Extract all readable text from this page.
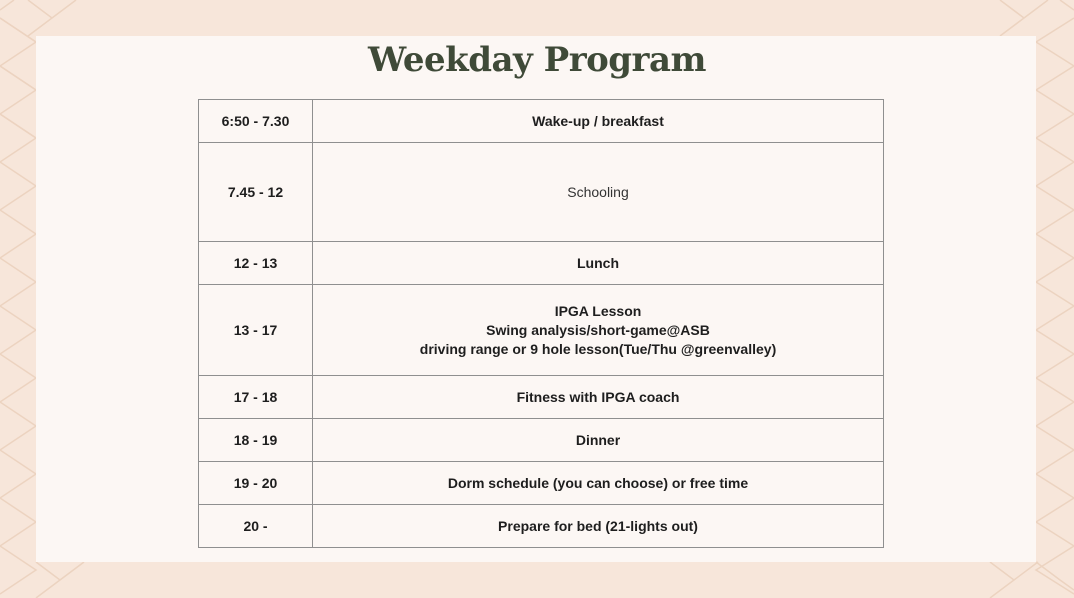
Weekday Program
6:50 - 7.30	Wake-up / breakfast

7.45 - 12	Schooling

12 - 13	Lunch

13 - 17	IPGA Lesson
Swing analysis/short-game@ASB
driving range or 9 hole lesson(Tue/Thu @greenvalley)

17 - 18	Fitness with IPGA coach

18 - 19	Dinner

19 - 20	Dorm schedule (you can choose) or free time

20 -	Prepare for bed (21-lights out)
